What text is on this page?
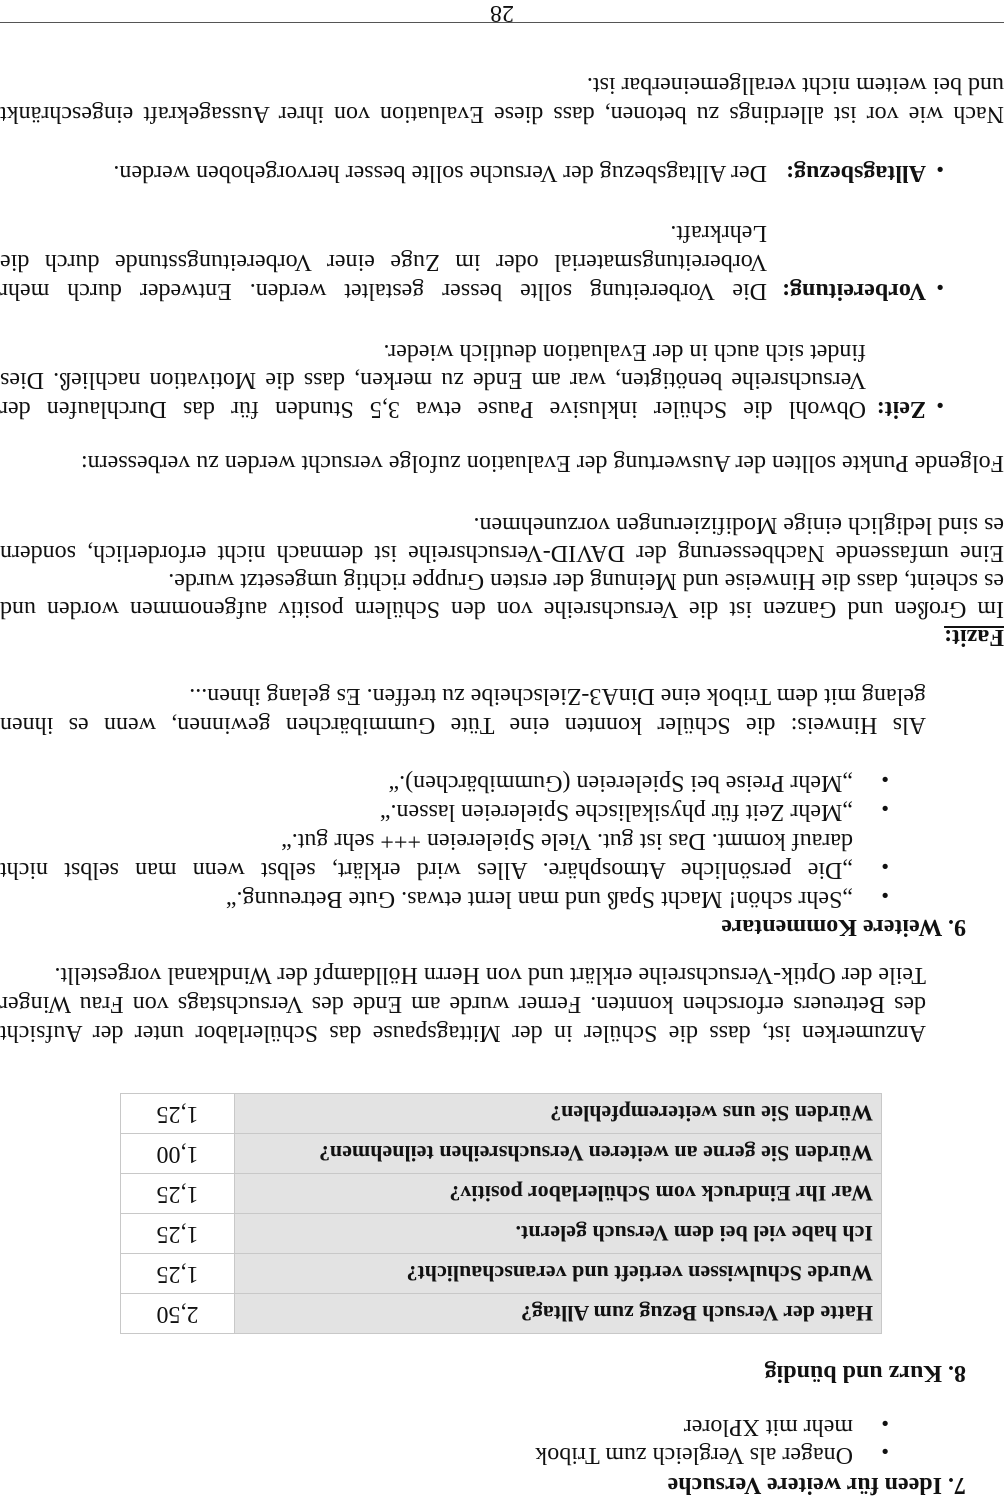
7. Ideen für weitere Versuche
•
Onager als Vergleich zum Tribok
•
mehr mit XPlorer
8. Kurz und bündig
Hatte der Versuch Bezug zum Alltag?	2,50
Wurde Schulwissen vertieft und veranschaulicht?	1,25
Ich habe viel bei dem Versuch gelernt.	1,25
War Ihr Eindruck vom Schülerlabor positiv?	1,25
Würden Sie gerne an weiteren Versuchsreihen teilnehmen?	1,00
Würden Sie uns weiterempfehlen?	1,25
Anzumerken ist, dass die Schüler in der Mittagspause das Schülerlabor unter der Aufsicht
des Betreuers erforschen konnten. Ferner wurde am Ende des Versuchstags von Frau Winger
Teile der Optik-Versuchsreihe erklärt und von Herrn Hölldampf der Windkanal vorgestellt.
9. Weitere Kommentare
•
„Sehr schön! Macht Spaß und man lernt etwas. Gute Betreuung.“
•
„Die persönliche Atmosphäre. Alles wird erklärt, selbst wenn man selbst nicht
darauf kommt. Das ist gut. Viele Spielereien +++ sehr gut.“
•
„Mehr Zeit für physikalische Spielereien lassen.“
•
„Mehr Preise bei Spielereien (Gummibärchen).“
Als Hinweis: die Schüler konnten eine Tüte Gummibärchen gewinnen, wenn es ihnen
gelang mit dem Tribok eine DinA3-Zielscheibe zu treffen. Es gelang ihnen...
Fazit:
Im Großen und Ganzen ist die Versuchsreihe von den Schülern positiv aufgenommen worden und
es scheint, dass die Hinweise und Meinung der ersten Gruppe richtig umgesetzt wurde.
Eine umfassende Nachbesserung der DAVID-Versuchsreihe ist demnach nicht erforderlich, sondern
es sind lediglich einige Modifizierungen vorzunehmen.
Folgende Punkte sollten der Auswertung der Evaluation zufolge versucht werden zu verbessern:
•
Zeit:
Obwohl die Schüler inklusive Pause etwa 3,5 Stunden für das Durchlaufen der
Versuchsreihe benötigten, war am Ende zu merken, dass die Motivation nachließ. Dies
findet sich auch in der Evaluation deutlich wieder.
•
Vorbereitung:
Die Vorbereitung sollte besser gestaltet werden. Entweder durch mehr
Vorbereitungsmaterial oder im Zuge einer Vorbereitungsstunde durch die
Lehrkraft.
•
Alltagsbezug:
Der Alltagsbezug der Versuche sollte besser hervorgehoben werden.
Nach wie vor ist allerdings zu betonen, dass diese Evaluation von ihrer Aussagekraft eingeschränkt
und bei weitem nicht verallgemeinerbar ist.
28
